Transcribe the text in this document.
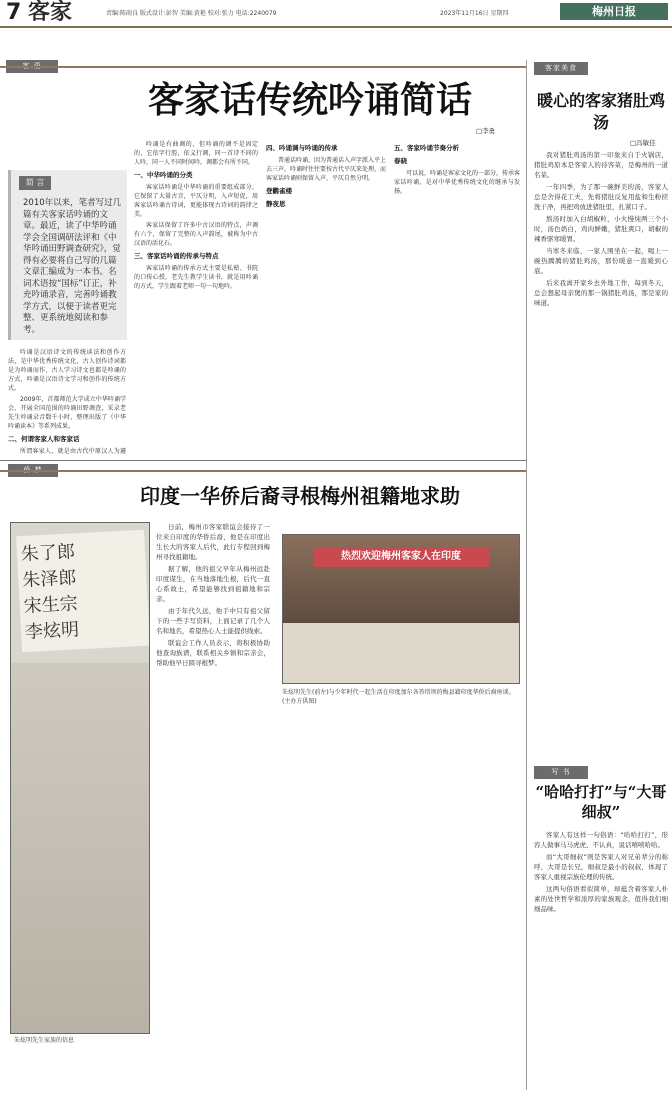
7 客家	责编:陈雨良 版式设计:彭智 美编:黄艳 校对:张力 电话:2240079	2023年11月16日 星期四	梅州日报
客家话传统吟诵简话
□李勇
简 言
2010年以来，笔者写过几篇有关客家话吟诵的文章。最近，读了中华吟诵学会全国调研法评和《中华吟诵田野调查研究》，觉得有必要将自己写的几篇文章汇编成为一本书。名词术语按“国标”订正，补充吟诵录音，完善吟诵教学方式，以便于读者更完整、更系统地阅读和参考。

吟诵是汉语诗文的传统读法和创作方法，是中华优秀传统文化，古人创作诗词都是为吟诵而作，古人学习诗文也都是吟诵的方式，吟诵是汉语诗文学习和创作的传统方式。

2009年，首都师范大学成立中华吟诵学会，开展全国范围的吟诵田野调查，采录老先生吟诵录音数千小时，整理出版了《中华吟诵读本》等系列成果。

二、何谓客家人和客家话

所谓客家人，就是由古代中原汉人为避

吟诵是有曲调的，但吟诵的调不是固定的，它依字行腔，依义行调，同一首诗不同的人吟，同一人不同时间吟，调都会有所不同。

一、中华吟诵的分类

客家话吟诵是中华吟诵的重要组成部分，它保留了大量古音，平仄分明，入声短促，用客家话吟诵古诗词，更能体现古诗词的韵律之美。

客家话保留了许多中古汉语的特点，声调有六个，保留了完整的入声韵尾，被称为中古汉语的活化石。

三、客家话吟诵的传承与特点

客家话吟诵的传承方式主要是私塾、书院的口传心授，老先生教学生读书，就是用吟诵的方式，学生跟着老师一句一句地吟。

四、吟诵调与吟诵的传承

普通话吟诵，因为普通话入声字派入平上去三声，吟诵时往往要按古代平仄来处理，而客家话吟诵则保留入声，平仄自然分明。

登鹳雀楼
静夜思
五、客家吟诵节奏分析
春晓

可以说，吟诵是客家文化的一部分，传承客家话吟诵，是对中华优秀传统文化的继承与发扬。

客家美食
暖心的客家猪肚鸡汤
□冯敏佳

我对猪肚鸡汤的第一印象来自于火锅店，猪肚鸡原本是客家人的待客菜，是梅州的一道名菜。

一年四季，为了那一碗鲜美的汤，客家人总是舍得花工夫，先将猪肚反复用盐和生粉搓洗干净，再把鸡放进猪肚里，扎紧口子。

熬汤时加入白胡椒粒，小火慢炖两三个小时，汤色奶白，鸡肉鲜嫩，猪肚爽口，胡椒的辣香驱寒暖胃。

当寒冬来临，一家人围坐在一起，喝上一碗热腾腾的猪肚鸡汤，那份暖意一直暖到心底。

后来我离开家乡去外地工作，每到冬天，总会想起母亲煲的那一锅猪肚鸡汤，那是家的味道。

写 书
“哈哈打打”与“大哥细叔”

客家人有这样一句俗语：“哈哈打打”，形容人做事马马虎虎、不认真，说话嘻嘻哈哈。

而“大哥细叔”则是客家人对兄弟辈分的称呼，大哥是长兄，细叔是最小的叔叔，体现了客家人重视宗族伦理的传统。

这两句俗语看似简单，却蕴含着客家人朴素的处世哲学和浓厚的家族观念，值得我们细细品味。

印度一华侨后裔寻根梅州祖籍地求助
朱了郎
朱泽郎
宋生宗
李炫明
朱炫明先生家族的信息

日前，梅州市客家联谊会接待了一位来自印度的华侨后裔，他是在印度出生长大的客家人后代，此行专程回到梅州寻找祖籍地。

据了解，他的祖父早年从梅州远赴印度谋生，在当地落地生根，后代一直心系故土，希望能够找到祖籍地和宗亲。

由于年代久远，他手中只有祖父留下的一些手写资料，上面记录了几个人名和地名，希望热心人士能提供线索。

联谊会工作人员表示，将积极协助他查询族谱，联系相关乡镇和宗亲会，帮助他早日圆寻根梦。

热烈欢迎梅州客家人在印度
朱炫明先生(前左)与少年时代一起生活在印度加尔各答塔坝的梅县籍印度华侨后裔座谈。(主办方供图)
